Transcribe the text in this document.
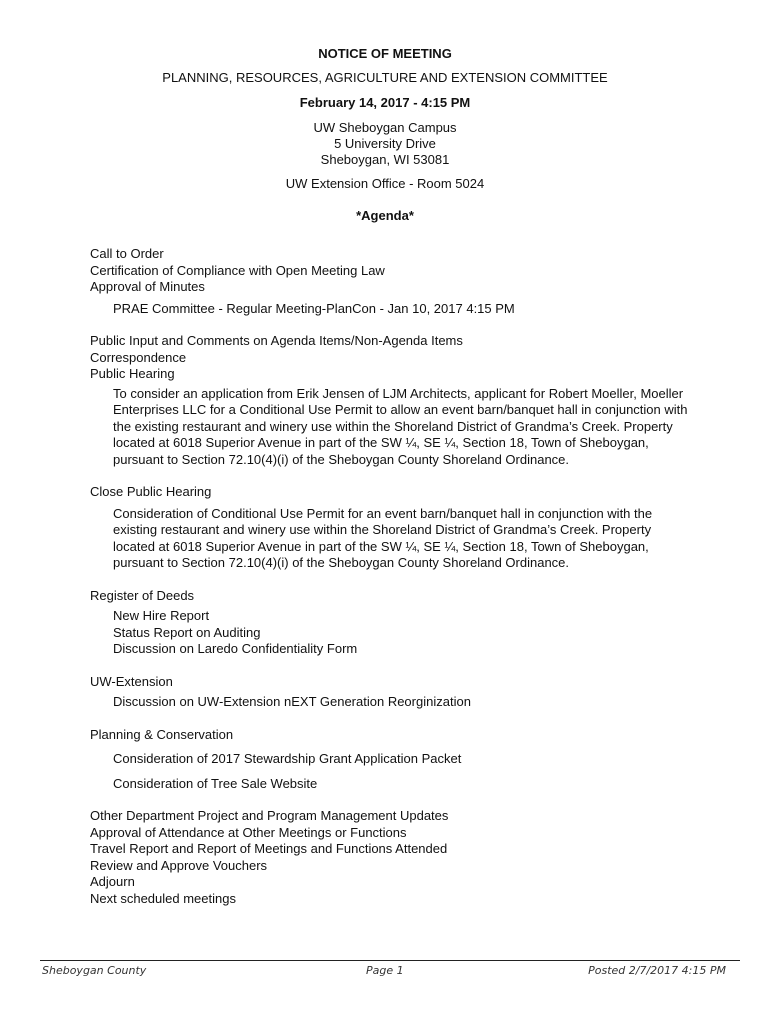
NOTICE OF MEETING
PLANNING, RESOURCES, AGRICULTURE AND EXTENSION COMMITTEE
February 14, 2017 - 4:15 PM
UW Sheboygan Campus
5 University Drive
Sheboygan, WI 53081
UW Extension Office - Room 5024
*Agenda*
Call to Order
Certification of Compliance with Open Meeting Law
Approval of Minutes
PRAE Committee - Regular Meeting-PlanCon - Jan 10, 2017 4:15 PM
Public Input and Comments on Agenda Items/Non-Agenda Items
Correspondence
Public Hearing
To consider an application from Erik Jensen of LJM Architects, applicant for Robert Moeller, Moeller Enterprises LLC for a Conditional Use Permit to allow an event barn/banquet hall in conjunction with the existing restaurant and winery use within the Shoreland District of Grandma’s Creek. Property located at 6018 Superior Avenue in part of the SW ¼, SE ¼, Section 18, Town of Sheboygan, pursuant to Section 72.10(4)(i) of the Sheboygan County Shoreland Ordinance.
Close Public Hearing
Consideration of Conditional Use Permit for an event barn/banquet hall in conjunction with the existing restaurant and winery use within the Shoreland District of Grandma’s Creek. Property located at 6018 Superior Avenue in part of the SW ¼, SE ¼, Section 18, Town of Sheboygan, pursuant to Section 72.10(4)(i) of the Sheboygan County Shoreland Ordinance.
Register of Deeds
New Hire Report
Status Report on Auditing
Discussion on Laredo Confidentiality Form
UW-Extension
Discussion on UW-Extension nEXT Generation Reorginization
Planning & Conservation
Consideration of 2017 Stewardship Grant Application Packet
Consideration of Tree Sale Website
Other Department Project and Program Management Updates
Approval of Attendance at Other Meetings or Functions
Travel Report and Report of Meetings and Functions Attended
Review and Approve Vouchers
Adjourn
Next scheduled meetings
Sheboygan County	Page 1	Posted 2/7/2017 4:15 PM
